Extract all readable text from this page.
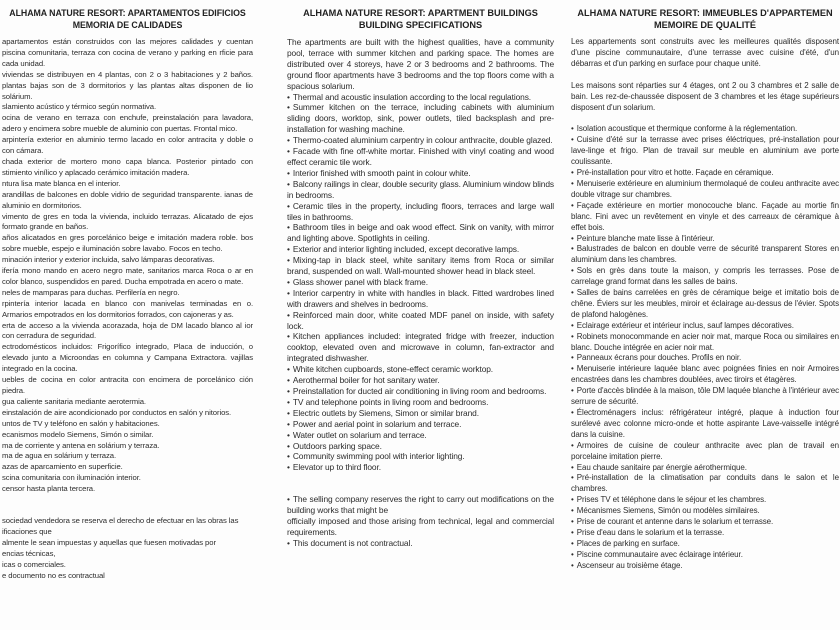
ALHAMA NATURE RESORT: APARTAMENTOS EDIFICIOS
MEMORIA DE CALIDADES

apartamentos están construidos con las mejores calidades y cuentan piscina comunitaria, terraza con cocina de verano y parking en rficie para cada unidad.

viviendas se distribuyen en 4 plantas, con 2 o 3 habitaciones y 2 baños. plantas bajas son de 3 dormitorios y las plantas altas disponen de lio solárium.

slamiento acústico y térmico según normativa.

ocina de verano en terraza con enchufe, preinstalación para lavadora, adero y encimera sobre mueble de aluminio con puertas. Frontal mico.

arpintería exterior en aluminio termo lacado en color antracita y doble o con cámara.

chada exterior de mortero mono capa blanca. Posterior pintado con stimiento vinílico y aplacado cerámico imitación madera.

ntura lisa mate blanca en el interior.

arandillas de balcones en doble vidrio de seguridad transparente. ianas de aluminio en dormitorios.

vimento de gres en toda la vivienda, incluido terrazas. Alicatado de ejos formato grande en baños.

años alicatados en gres porcelánico beige e imitación madera roble. bos sobre mueble, espejo e iluminación sobre lavabo. Focos en techo.

minación interior y exterior incluida, salvo lámparas decorativas.

ifería mono mando en acero negro mate, sanitarios marca Roca o ar en color blanco, suspendidos en pared. Ducha empotrada en acero o mate.

neles de mamparas para duchas. Perfilería en negro.

rpintería interior lacada en blanco con manivelas terminadas en o. Armarios empotrados en los dormitorios forrados, con cajoneras y as.

erta de acceso a la vivienda acorazada, hoja de DM lacado blanco al ior con cerradura de seguridad.

ectrodomésticos incluidos: Frigorífico integrado, Placa de inducción, o elevado junto a Microondas en columna y Campana Extractora. vajillas integrado en la cocina.

uebles de cocina en color antracita con encimera de porcelánico ción piedra.

gua caliente sanitaria mediante aerotermia.

einstalación de aire acondicionado por conductos en salón y nitorios.

untos de TV y teléfono en salón y habitaciones.

ecanismos modelo Siemens, Simón o similar.

ma de corriente y antena en solárium y terraza.

ma de agua en solárium y terraza.

azas de aparcamiento en superficie.

scina comunitaria con iluminación interior.

censor hasta planta tercera.

sociedad vendedora se reserva el derecho de efectuar en las obras las

ificaciones que

almente le sean impuestas y aquellas que fuesen motivadas por

encias técnicas,

icas o comerciales.

e documento no es contractual

ALHAMA NATURE RESORT: APARTMENT BUILDINGS
BUILDING SPECIFICATIONS

The apartments are built with the highest qualities, have a community pool, terrace with summer kitchen and parking space. The homes are distributed over 4 storeys, have 2 or 3 bedrooms and 2 bathrooms. The ground floor apartments have 3 bedrooms and the top floors come with a spacious solarium.

• Thermal and acoustic insulation according to the local regulations.

• Summer kitchen on the terrace, including cabinets with aluminium sliding doors, worktop, sink, power outlets, tiled backsplash and pre-installation for washing machine.

• Thermo-coated aluminium carpentry in colour anthracite, double glazed.

• Facade with fine off-white mortar. Finished with vinyl coating and wood effect ceramic tile work.

• Interior finished with smooth paint in colour white.

• Balcony railings in clear, double security glass. Aluminium window blinds in bedrooms.

• Ceramic tiles in the property, including floors, terraces and large wall tiles in bathrooms.

• Bathroom tiles in beige and oak wood effect. Sink on vanity, with mirror and lighting above. Spotlights in ceiling.

• Exterior and interior lighting included, except decorative lamps.

• Mixing-tap in black steel, white sanitary items from Roca or similar brand, suspended on wall. Wall-mounted shower head in black steel.

• Glass shower panel with black frame.

• Interior carpentry in white with handles in black. Fitted wardrobes lined with drawers and shelves in bedrooms.

• Reinforced main door, white coated MDF panel on inside, with safety lock.

• Kitchen appliances included: integrated fridge with freezer, induction cooktop, elevated oven and microwave in column, fan-extractor and integrated dishwasher.

• White kitchen cupboards, stone-effect ceramic worktop.

• Aerothermal boiler for hot sanitary water.

• Preinstallation for ducted air conditioning in living room and bedrooms.

• TV and telephone points in living room and bedrooms.

• Electric outlets by Siemens, Simon or similar brand.

• Power and aerial point in solarium and terrace.

• Water outlet on solarium and terrace.

• Outdoors parking space.

• Community swimming pool with interior lighting.

• Elevator up to third floor.

• The selling company reserves the right to carry out modifications on the building works that might be

officially imposed and those arising from technical, legal and commercial requirements.

• This document is not contractual.

ALHAMA NATURE RESORT: IMMEUBLES D'APPARTEMEN
MEMOIRE DE QUALITÉ

Les appartements sont construits avec les meilleures qualités disposent d'une piscine communautaire, d'une terrasse avec cuisine d'été, d'un débarras et d'un parking en surface pour chaque unité.

Les maisons sont réparties sur 4 étages, ont 2 ou 3 chambres et 2 salle de bain. Les rez-de-chaussée disposent de 3 chambres et les étage supérieurs disposent d'un solarium.

• Isolation acoustique et thermique conforme à la réglementation.

• Cuisine d'été sur la terrasse avec prises éléctriques, pré-installation pour lave-linge et frigo. Plan de travail sur meuble en aluminium ave porte coulissante.

• Pré-installation pour vitro et hotte. Façade en céramique.

• Menuiserie extérieure en aluminium thermolaqué de couleu anthracite avec double vitrage sur chambres.

• Façade extérieure en mortier monocouche blanc. Façade au mortie fin blanc. Fini avec un revêtement en vinyle et des carreaux de céramique à effet bois.

• Peinture blanche mate lisse à l'intérieur.

• Balustrades de balcon en double verre de sécurité transparent Stores en aluminium dans les chambres.

• Sols en grès dans toute la maison, y compris les terrasses. Pose de carrelage grand format dans les salles de bains.

• Salles de bains carrelées en grès de céramique beige et imitatio bois de chêne. Éviers sur les meubles, miroir et éclairage au-dessus de l'évier. Spots de plafond halogènes.

• Eclairage extérieur et intérieur inclus, sauf lampes décoratives.

• Robinets monocommande en acier noir mat, marque Roca ou similaires en blanc. Douche intégrée en acier noir mat.

• Panneaux écrans pour douches. Profils en noir.

• Menuiserie intérieure laquée blanc avec poignées finies en noir Armoires encastrées dans les chambres doublées, avec tiroirs et étagères.

• Porte d'accès blindée à la maison, tôle DM laquée blanche à l'intérieur avec serrure de sécurité.

• Électroménagers inclus: réfrigérateur intégré, plaque à induction four surélevé avec colonne micro-onde et hotte aspirante Lave-vaisselle intégré dans la cuisine.

• Armoires de cuisine de couleur anthracite avec plan de travail en porcelaine imitation pierre.

• Eau chaude sanitaire par énergie aérothermique.

• Pré-installation de la climatisation par conduits dans le salon et le chambres.

• Prises TV et téléphone dans le séjour et les chambres.

• Mécanismes Siemens, Simón ou modèles similaires.

• Prise de courant et antenne dans le solarium et terrasse.

• Prise d'eau dans le solarium et la terrasse.

• Places de parking en surface.

• Piscine communautaire avec éclairage intérieur.

• Ascenseur au troisième étage.
